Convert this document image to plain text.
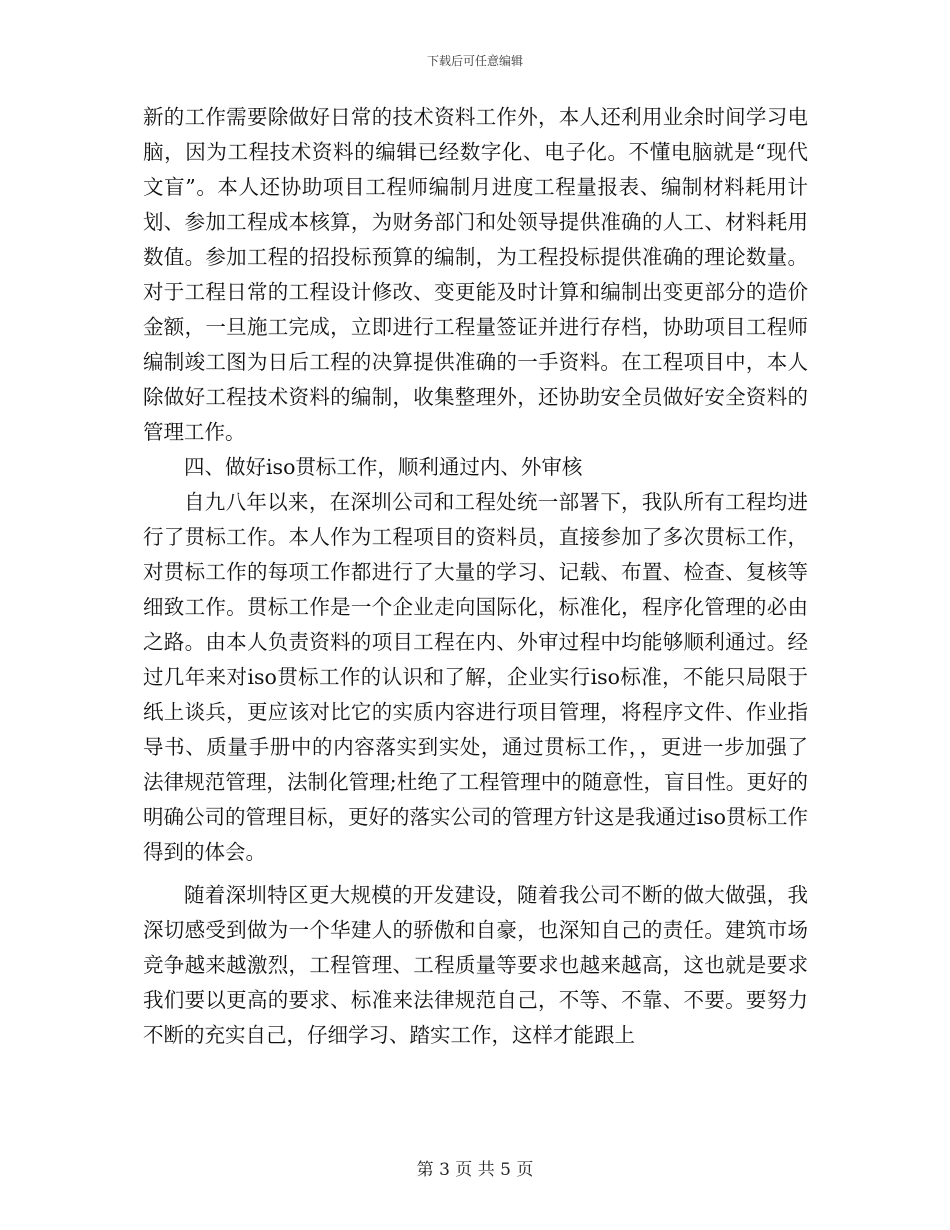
下载后可任意编辑

新的工作需要除做好日常的技术资料工作外，本人还利用业余时间学习电脑，因为工程技术资料的编辑已经数字化、电子化。不懂电脑就是“现代文盲”。本人还协助项目工程师编制月进度工程量报表、编制材料耗用计划、参加工程成本核算，为财务部门和处领导提供准确的人工、材料耗用数值。参加工程的招投标预算的编制，为工程投标提供准确的理论数量。对于工程日常的工程设计修改、变更能及时计算和编制出变更部分的造价金额，一旦施工完成，立即进行工程量签证并进行存档，协助项目工程师编制竣工图为日后工程的决算提供准确的一手资料。在工程项目中，本人除做好工程技术资料的编制，收集整理外，还协助安全员做好安全资料的管理工作。

四、做好iso贯标工作，顺利通过内、外审核

自九八年以来，在深圳公司和工程处统一部署下，我队所有工程均进行了贯标工作。本人作为工程项目的资料员，直接参加了多次贯标工作，对贯标工作的每项工作都进行了大量的学习、记载、布置、检查、复核等细致工作。贯标工作是一个企业走向国际化，标准化，程序化管理的必由之路。由本人负责资料的项目工程在内、外审过程中均能够顺利通过。经过几年来对iso贯标工作的认识和了解，企业实行iso标准，不能只局限于纸上谈兵，更应该对比它的实质内容进行项目管理，将程序文件、作业指导书、质量手册中的内容落实到实处，通过贯标工作，，更进一步加强了法律规范管理，法制化管理;杜绝了工程管理中的随意性，盲目性。更好的明确公司的管理目标，更好的落实公司的管理方针这是我通过iso贯标工作得到的体会。

随着深圳特区更大规模的开发建设，随着我公司不断的做大做强，我深切感受到做为一个华建人的骄傲和自豪，也深知自己的责任。建筑市场竞争越来越激烈，工程管理、工程质量等要求也越来越高，这也就是要求我们要以更高的要求、标准来法律规范自己，不等、不靠、不要。要努力不断的充实自己，仔细学习、踏实工作，这样才能跟上

第 3 页 共 5 页
